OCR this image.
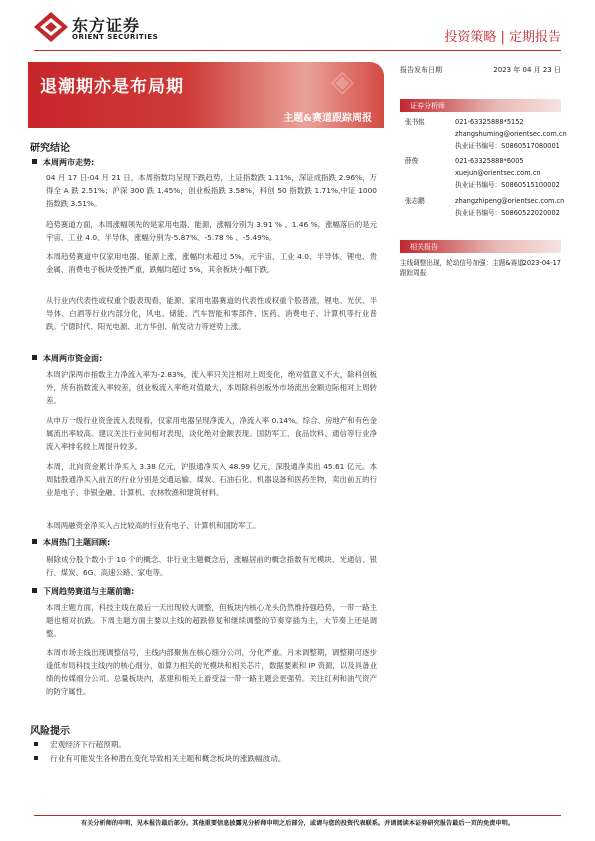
东方证券
ORIENT SECURITIES	投资策略 | 定期报告
◈
退潮期亦是布局期
主题&赛道跟踪周报
报告发布日期	2023 年 04 月 23 日
证券分析师
张书铭	021-63325888*5152
zhangshuming@orientsec.com.cn
执业证书编号：S0860517080001
薛俊	021-63325888*6005
xuejun@orientsec.com.cn
执业证书编号：S0860515100002
张志鹏	zhangzhipeng@orientsec.com.cn
执业证书编号：S0860522020002
相关报告
主线调整出现，轮动信号加强：主题&赛道跟踪周报
2023-04-17
研究结论
本周两市走势:
04 月 17 日-04 月 21 日，本周指数均呈现下跌趋势，上证指数跌 1.11%，深证成指跌 2.96%，万得全 A 跌 2.51%；沪深 300 跌 1.45%，创业板指跌 3.58%，科创 50 指数跌 1.71%,中证 1000 指数跌 3.51%。
趋势赛道方面，本周涨幅领先的是家用电器、能源，涨幅分别为 3.91 % 、1.46 %，涨幅落后的是元宇宙、工业 4.0、半导体，涨幅分别为-5.87%、-5.78 % 、-5.49%。
本周趋势赛道中仅家用电器、能源上涨，涨幅均未超过 5%，元宇宙、工业 4.0、半导体、锂电、贵金属、消费电子板块受挫严重，跌幅均超过 5%，其余板块小幅下跌。
从行业内代表性或权重个股表现看，能源、家用电器赛道的代表性或权重个股普涨，锂电、光伏、半导体、白酒等行业内部分化，风电、储能、汽车智能和零部件、医药、消费电子、计算机等行业普跌。宁德时代、阳光电源、北方华创、航发动力等逆势上涨。
本周两市资金面:
本周沪深两市指数主力净流入率为-2.83%，流入率只关注相对上周变化，绝对值意义不大，除科创板外，所有指数流入率较差，创业板流入率绝对值最大，本周除科创板外市场流出金额边际相对上周转差。
从申万一级行业资金流入表现看，仅家用电器呈现净流入，净流入率 0.14%。综合、房地产和有色金属流出率较高。建议关注行业间相对表现，淡化绝对金额表现。国防军工、食品饮料、通信等行业净流入率排名较上周提升较多。
本周，北向资金累计净买入 3.38 亿元，沪股通净买入 48.99 亿元，深股通净卖出 45.61 亿元。本周陆股通净买入前五的行业分别是交通运输、煤炭、石油石化、机器设备和医药生物，卖出前五的行业是电子、非银金融、计算机、农林牧渔和建筑材料。
本周两融资金净买入占比较高的行业有电子、计算机和国防军工。
本周热门主题回顾:
剔除成分股个数小于 10 个的概念、非行业主题概念后，涨幅居前的概念指数有光模块、光通信、银行、煤炭、6G、高速公路、家电等。
下周趋势赛道与主题前瞻:
本周主题方面，科技主线在最后一天出现较大调整，但板块内核心龙头仍然维持强趋势，一带一路主题也相对抗跌。下周主题方面主要以主线的超跌修复和继续调整的节奏穿插为主，大节奏上还是调整。
本周市场主线出现调整信号，主线内部聚焦在核心细分公司，分化严重。月末调整期，调整期可逐步逢低布局科技主线内的核心细分，如算力相关的光模块和相关芯片，数据要素和 IP 资源，以及具备业绩的传媒细分公司。总量板块内，基建和相关上游受益一带一路主题会更强势。关注红利和油气资产的防守属性。
风险提示
宏观经济下行超预期。
行业有可能发生各种潜在变化导致相关主题和概念板块的涨跌幅波动。
有关分析师的申明，见本报告最后部分。其他重要信息披露见分析师申明之后部分，或请与您的投资代表联系。并请阅读本证券研究报告最后一页的免责申明。
